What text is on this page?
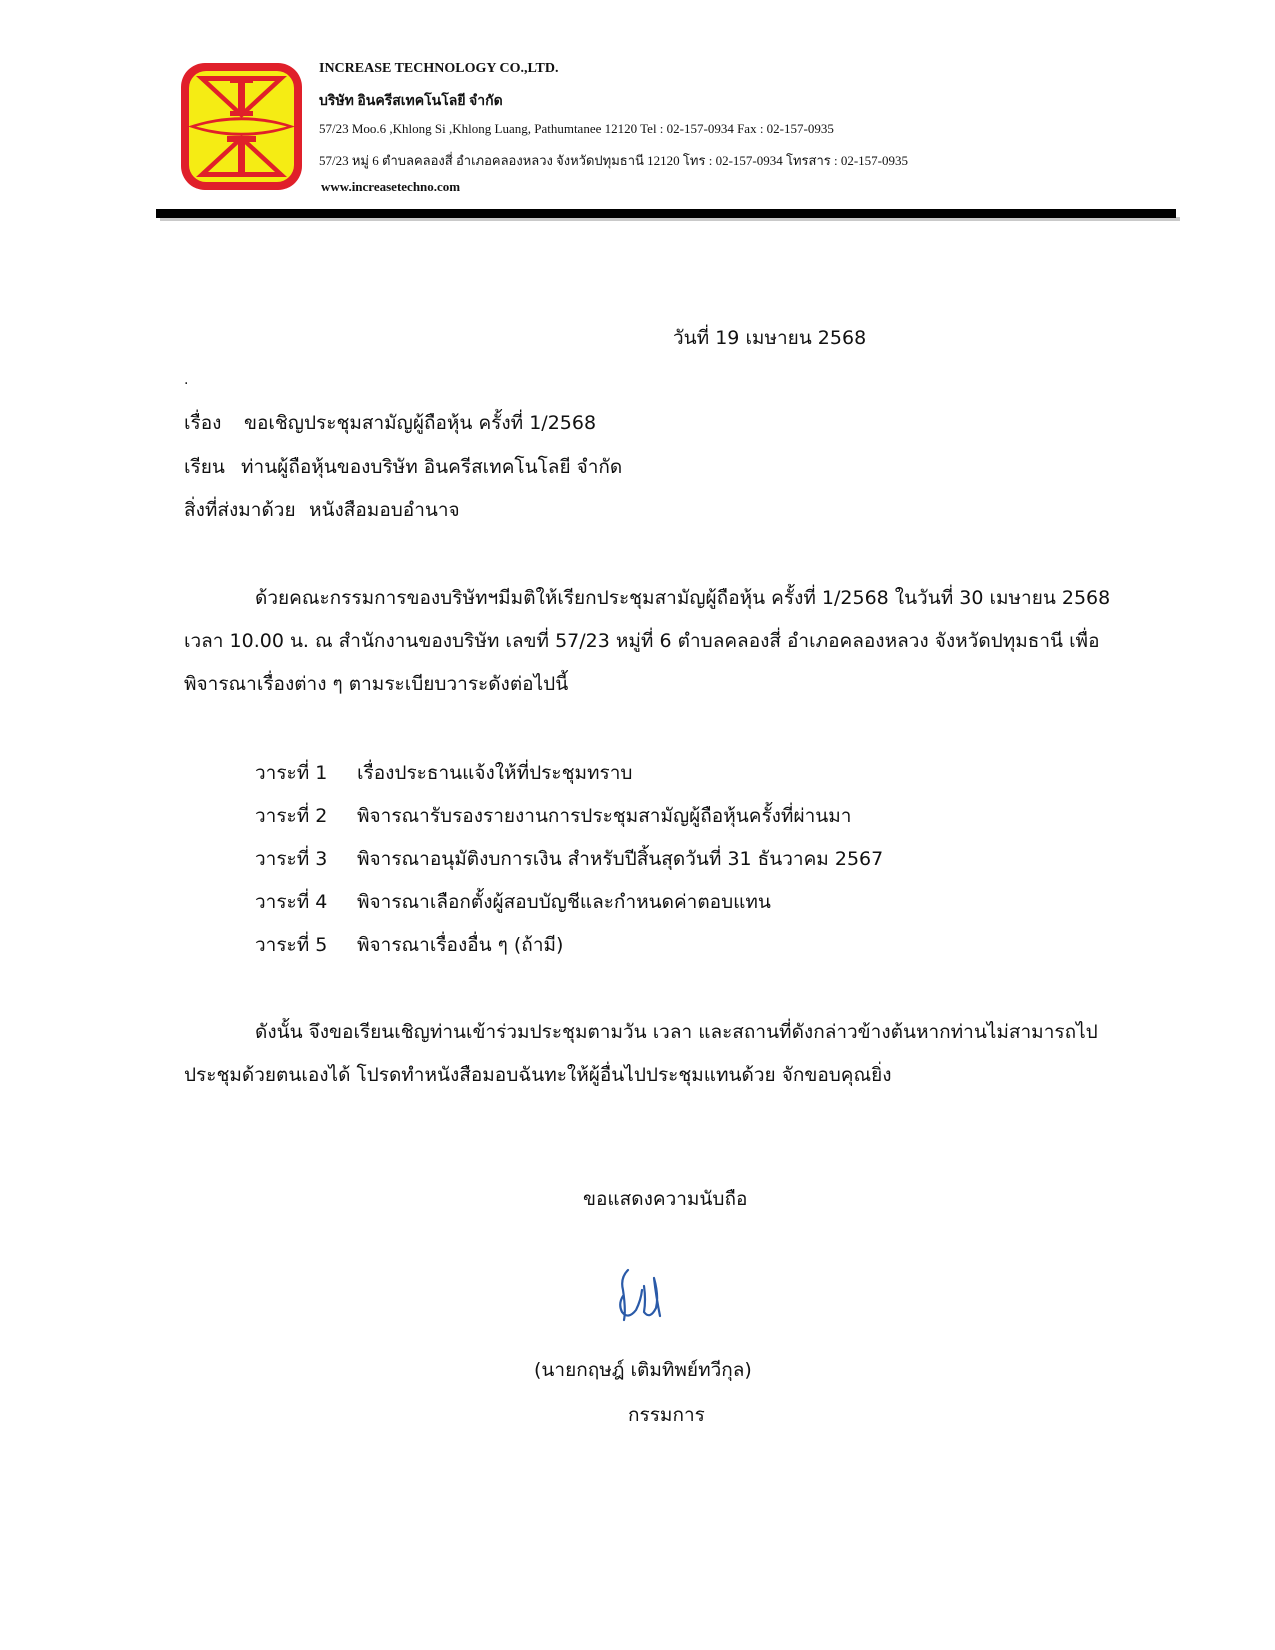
INCREASE TECHNOLOGY CO.,LTD.
บริษัท อินครีสเทคโนโลยี จำกัด
57/23 Moo.6 ,Khlong Si ,Khlong Luang, Pathumtanee 12120 Tel : 02-157-0934 Fax : 02-157-0935
57/23 หมู่ 6 ตำบลคลองสี่ อำเภอคลองหลวง จังหวัดปทุมธานี 12120 โทร : 02-157-0934 โทรสาร : 02-157-0935
www.increasetechno.com
วันที่ 19 เมษายน 2568
.
เรื่อง ขอเชิญประชุมสามัญผู้ถือหุ้น ครั้งที่ 1/2568
เรียน ท่านผู้ถือหุ้นของบริษัท อินครีสเทคโนโลยี จำกัด
สิ่งที่ส่งมาด้วย หนังสือมอบอำนาจ
ด้วยคณะกรรมการของบริษัทฯมีมติให้เรียกประชุมสามัญผู้ถือหุ้น ครั้งที่ 1/2568 ในวันที่ 30 เมษายน 2568
เวลา 10.00 น. ณ สำนักงานของบริษัท เลขที่ 57/23 หมู่ที่ 6 ตำบลคลองสี่ อำเภอคลองหลวง จังหวัดปทุมธานี เพื่อ
พิจารณาเรื่องต่าง ๆ ตามระเบียบวาระดังต่อไปนี้
วาระที่ 1 เรื่องประธานแจ้งให้ที่ประชุมทราบ
วาระที่ 2 พิจารณารับรองรายงานการประชุมสามัญผู้ถือหุ้นครั้งที่ผ่านมา
วาระที่ 3 พิจารณาอนุมัติงบการเงิน สำหรับปีสิ้นสุดวันที่ 31 ธันวาคม 2567
วาระที่ 4 พิจารณาเลือกตั้งผู้สอบบัญชีและกำหนดค่าตอบแทน
วาระที่ 5 พิจารณาเรื่องอื่น ๆ (ถ้ามี)
ดังนั้น จึงขอเรียนเชิญท่านเข้าร่วมประชุมตามวัน เวลา และสถานที่ดังกล่าวข้างต้นหากท่านไม่สามารถไป
ประชุมด้วยตนเองได้ โปรดทำหนังสือมอบฉันทะให้ผู้อื่นไปประชุมแทนด้วย จักขอบคุณยิ่ง
ขอแสดงความนับถือ
(นายกฤษฎ์ เติมทิพย์ทวีกุล)
กรรมการ
